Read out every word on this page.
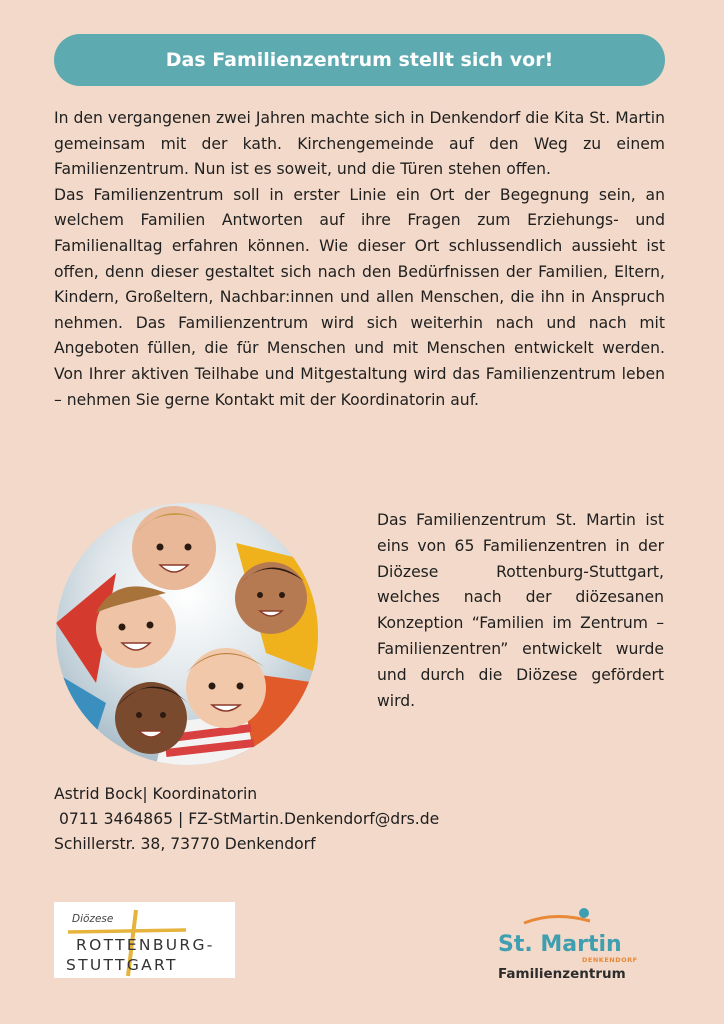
Das Familienzentrum stellt sich vor!

In den vergangenen zwei Jahren machte sich in Denkendorf die Kita St. Martin gemeinsam mit der kath. Kirchengemeinde auf den Weg zu einem Familienzentrum. Nun ist es soweit, und die Türen stehen offen.

Das Familienzentrum soll in erster Linie ein Ort der Begegnung sein, an welchem Familien Antworten auf ihre Fragen zum Erziehungs- und Familienalltag erfahren können. Wie dieser Ort schlussendlich aussieht ist offen, denn dieser gestaltet sich nach den Bedürfnissen der Familien, Eltern, Kindern, Großeltern, Nachbar:innen und allen Menschen, die ihn in Anspruch nehmen. Das Familienzentrum wird sich weiterhin nach und nach mit Angeboten füllen, die für Menschen und mit Menschen entwickelt werden. Von Ihrer aktiven Teilhabe und Mitgestaltung wird das Familienzentrum leben – nehmen Sie gerne Kontakt mit der Koordinatorin auf.

Das Familienzentrum St. Martin ist eins von 65 Familienzentren in der Diözese Rottenburg-Stuttgart, welches nach der diözesanen Konzeption “Familien im Zentrum – Familienzentren” entwickelt wurde und durch die Diözese gefördert wird.
Astrid Bock| Koordinatorin
0711 3464865 | FZ-StMartin.Denkendorf@drs.de
Schillerstr. 38, 73770 Denkendorf
Diözese
ROTTENBURG-
STUTTGART
St. Martin
DENKENDORF
Familienzentrum
